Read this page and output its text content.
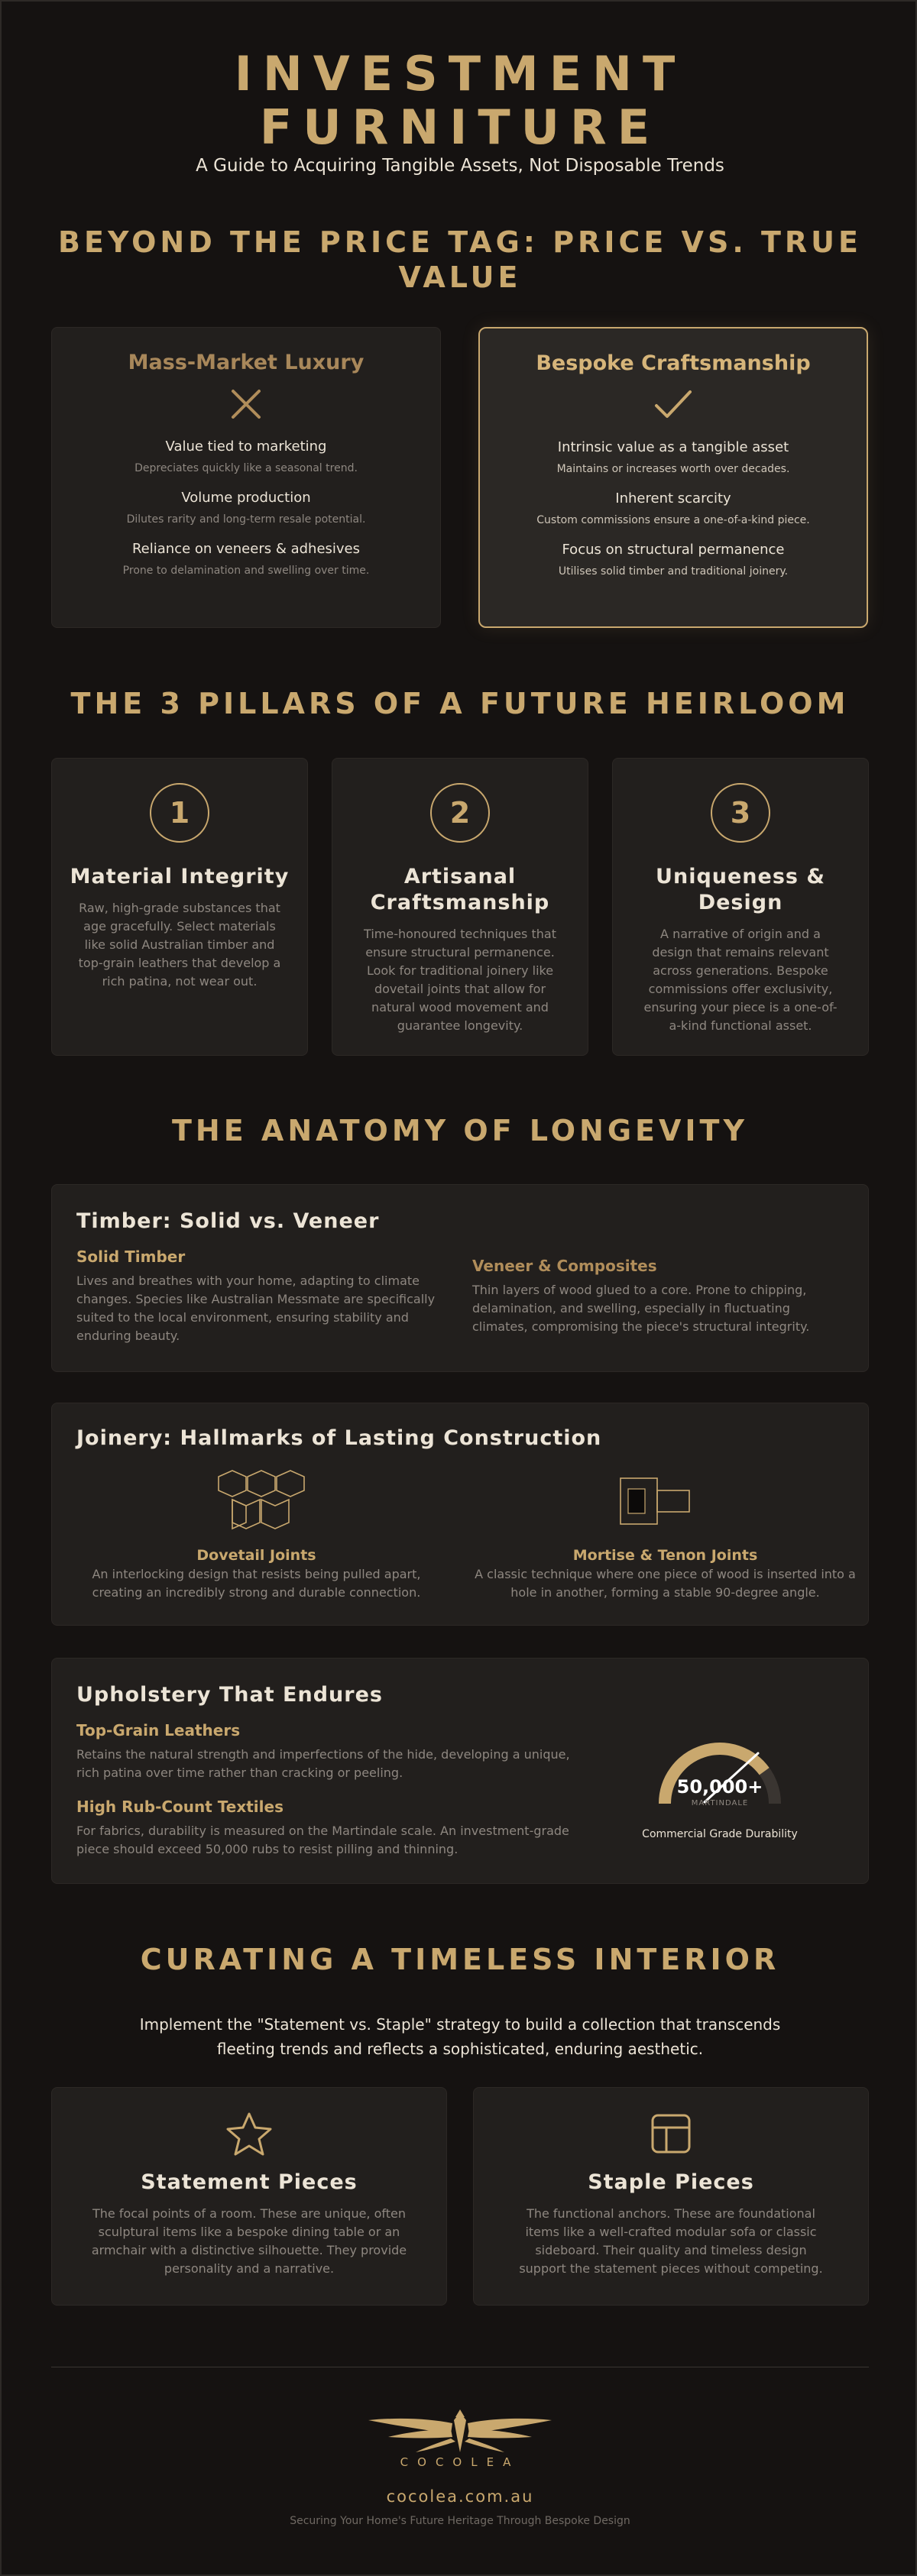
INVESTMENT
FURNITURE
A Guide to Acquiring Tangible Assets, Not Disposable Trends
BEYOND THE PRICE TAG: PRICE VS. TRUE
VALUE
Mass-Market Luxury
Value tied to marketing
Depreciates quickly like a seasonal trend.
Volume production
Dilutes rarity and long-term resale potential.
Reliance on veneers & adhesives
Prone to delamination and swelling over time.
Bespoke Craftsmanship
Intrinsic value as a tangible asset
Maintains or increases worth over decades.
Inherent scarcity
Custom commissions ensure a one-of-a-kind piece.
Focus on structural permanence
Utilises solid timber and traditional joinery.
THE 3 PILLARS OF A FUTURE HEIRLOOM
1
Material Integrity
Raw, high-grade substances that age gracefully. Select materials like solid Australian timber and top-grain leathers that develop a rich patina, not wear out.
2
Artisanal
Craftsmanship
Time-honoured techniques that ensure structural permanence. Look for traditional joinery like dovetail joints that allow for natural wood movement and guarantee longevity.
3
Uniqueness &
Design
A narrative of origin and a design that remains relevant across generations. Bespoke commissions offer exclusivity, ensuring your piece is a one-of-a-kind functional asset.
THE ANATOMY OF LONGEVITY
Timber: Solid vs. Veneer
Solid Timber
Lives and breathes with your home, adapting to climate changes. Species like Australian Messmate are specifically suited to the local environment, ensuring stability and enduring beauty.
Veneer & Composites
Thin layers of wood glued to a core. Prone to chipping, delamination, and swelling, especially in fluctuating climates, compromising the piece's structural integrity.
Joinery: Hallmarks of Lasting Construction
Dovetail Joints
An interlocking design that resists being pulled apart, creating an incredibly strong and durable connection.
Mortise & Tenon Joints
A classic technique where one piece of wood is inserted into a hole in another, forming a stable 90-degree angle.
Upholstery That Endures
Top-Grain Leathers
Retains the natural strength and imperfections of the hide, developing a unique, rich patina over time rather than cracking or peeling.
High Rub-Count Textiles
For fabrics, durability is measured on the Martindale scale. An investment-grade piece should exceed 50,000 rubs to resist pilling and thinning.
50,000+
MARTINDALE
Commercial Grade Durability
CURATING A TIMELESS INTERIOR
Implement the "Statement vs. Staple" strategy to build a collection that transcends
fleeting trends and reflects a sophisticated, enduring aesthetic.
Statement Pieces
The focal points of a room. These are unique, often sculptural items like a bespoke dining table or an armchair with a distinctive silhouette. They provide personality and a narrative.
Staple Pieces
The functional anchors. These are foundational items like a well-crafted modular sofa or classic sideboard. Their quality and timeless design support the statement pieces without competing.
COCOLEA
cocolea.com.au
Securing Your Home's Future Heritage Through Bespoke Design
